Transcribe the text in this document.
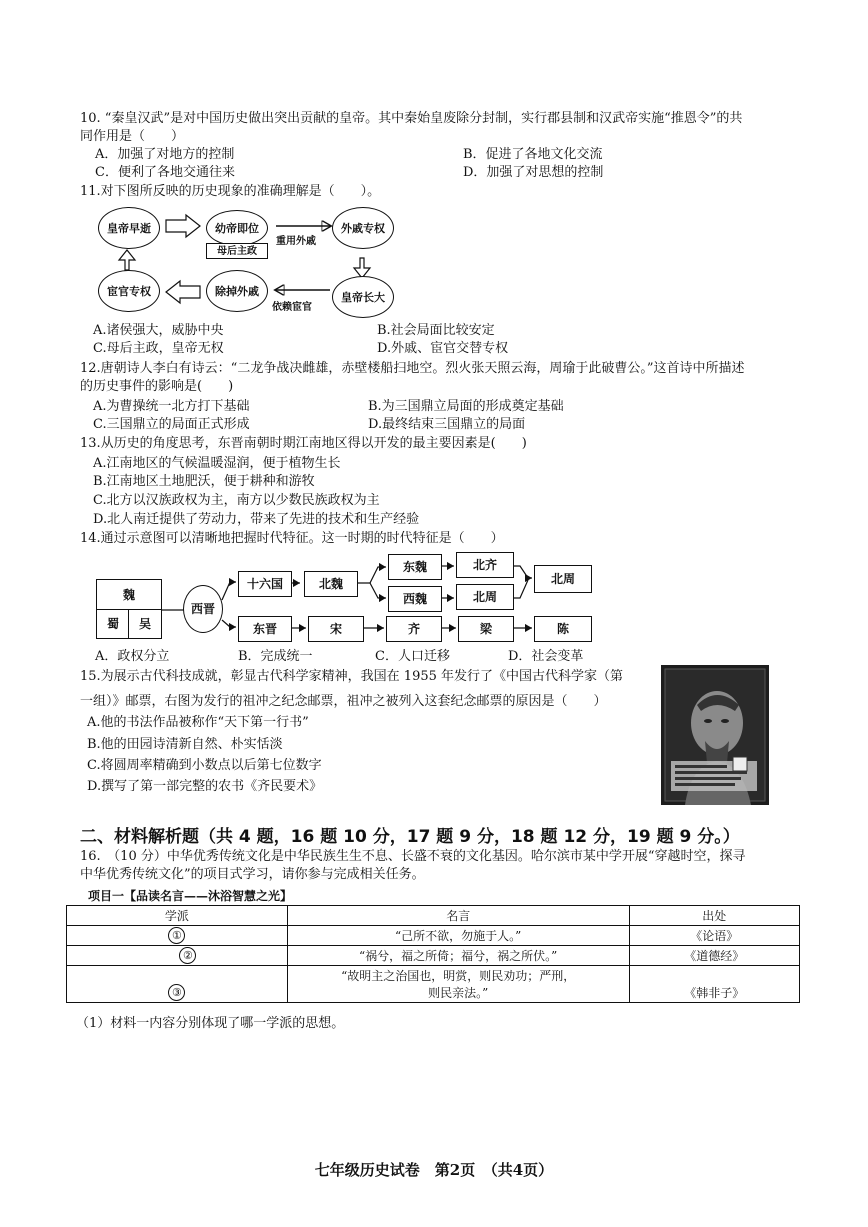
10. “秦皇汉武”是对中国历史做出突出贡献的皇帝。其中秦始皇废除分封制，实行郡县制和汉武帝实施“推恩令”的共
同作用是（　　）
A．加强了对地方的控制	B．促进了各地文化交流
C．便利了各地交通往来	D．加强了对思想的控制
11.对下图所反映的历史现象的准确理解是（　　）。
皇帝早逝	幼帝即位
母后主政
重用外戚
外戚专权
皇帝长大
依赖宦官
除掉外戚
宦官专权
A.诸侯强大，威胁中央	B.社会局面比较安定
C.母后主政，皇帝无权	D.外戚、宦官交替专权
12.唐朝诗人李白有诗云：“二龙争战决雌雄，赤壁楼船扫地空。烈火张天照云海，周瑜于此破曹公。”这首诗中所描述
的历史事件的影响是(　　)
A.为曹操统一北方打下基础	B.为三国鼎立局面的形成奠定基础
C.三国鼎立的局面正式形成	D.最终结束三国鼎立的局面
13.从历史的角度思考，东晋南朝时期江南地区得以开发的最主要因素是(　　)
A.江南地区的气候温暖湿润，便于植物生长
B.江南地区土地肥沃，便于耕种和游牧
C.北方以汉族政权为主，南方以少数民族政权为主
D.北人南迁提供了劳动力，带来了先进的技术和生产经验
14.通过示意图可以清晰地把握时代特征。这一时期的时代特征是（　　）
魏
蜀	吴
西晋
十六国	北魏
东魏
西魏
北齐
北周
北周
东晋	宋	齐	梁	陈
A．政权分立	B．完成统一	C．人口迁移	D．社会变革
15.为展示古代科技成就，彰显古代科学家精神，我国在 1955 年发行了《中国古代科学家（第
一组）》邮票，右图为发行的祖冲之纪念邮票，祖冲之被列入这套纪念邮票的原因是（　　）
A.他的书法作品被称作“天下第一行书”
B.他的田园诗清新自然、朴实恬淡
C.将圆周率精确到小数点以后第七位数字
D.撰写了第一部完整的农书《齐民要术》
二、材料解析题（共 4 题，16 题 10 分，17 题 9 分，18 题 12 分，19 题 9 分。）
16.　（10 分）中华优秀传统文化是中华民族生生不息、长盛不衰的文化基因。哈尔滨市某中学开展“穿越时空，探寻
中华优秀传统文化”的项目式学习，请你参与完成相关任务。
项目一【品读名言——沐浴智慧之光】
学派	名言	出处
①	“己所不欲，勿施于人。”	《论语》
②	“祸兮，福之所倚；福兮，祸之所伏。”	《道德经》
③	“故明主之治国也，明赏，则民劝功；严刑，
则民亲法。”	《韩非子》
（1）材料一内容分别体现了哪一学派的思想。
七年级历史试卷　第2页　（共4页）
